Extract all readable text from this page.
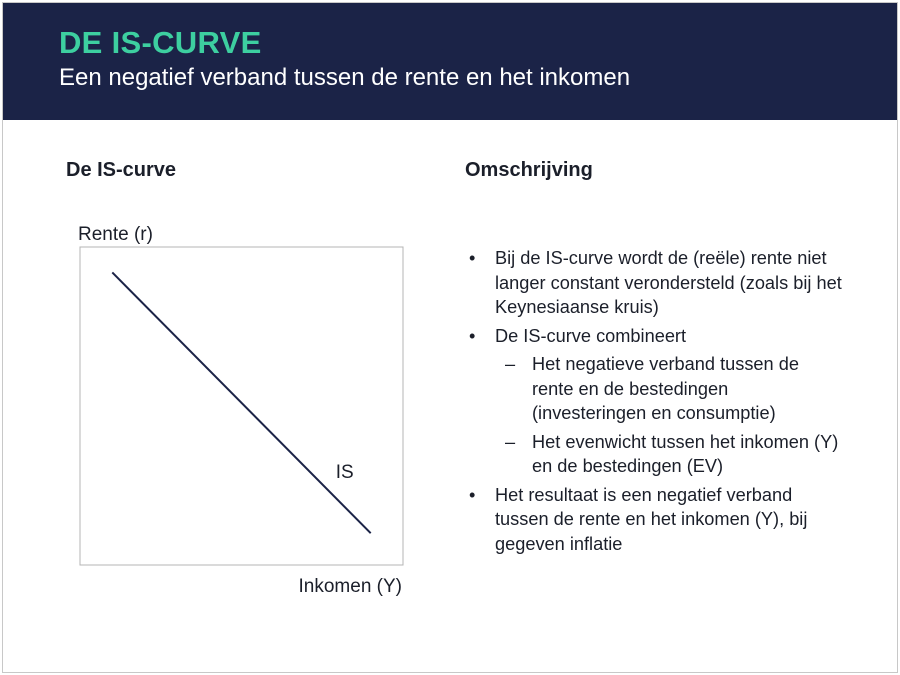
DE IS-CURVE
Een negatief verband tussen de rente en het inkomen
De IS-curve	Omschrijving
Rente (r)
Inkomen (Y)
IS
• Bij de IS-curve wordt de (reële) rente niet langer constant verondersteld (zoals bij het Keynesiaanse kruis)
• De IS-curve combineert
– Het negatieve verband tussen de rente en de bestedingen (investeringen en consumptie)
– Het evenwicht tussen het inkomen (Y) en de bestedingen (EV)
• Het resultaat is een negatief verband tussen de rente en het inkomen (Y), bij gegeven inflatie
